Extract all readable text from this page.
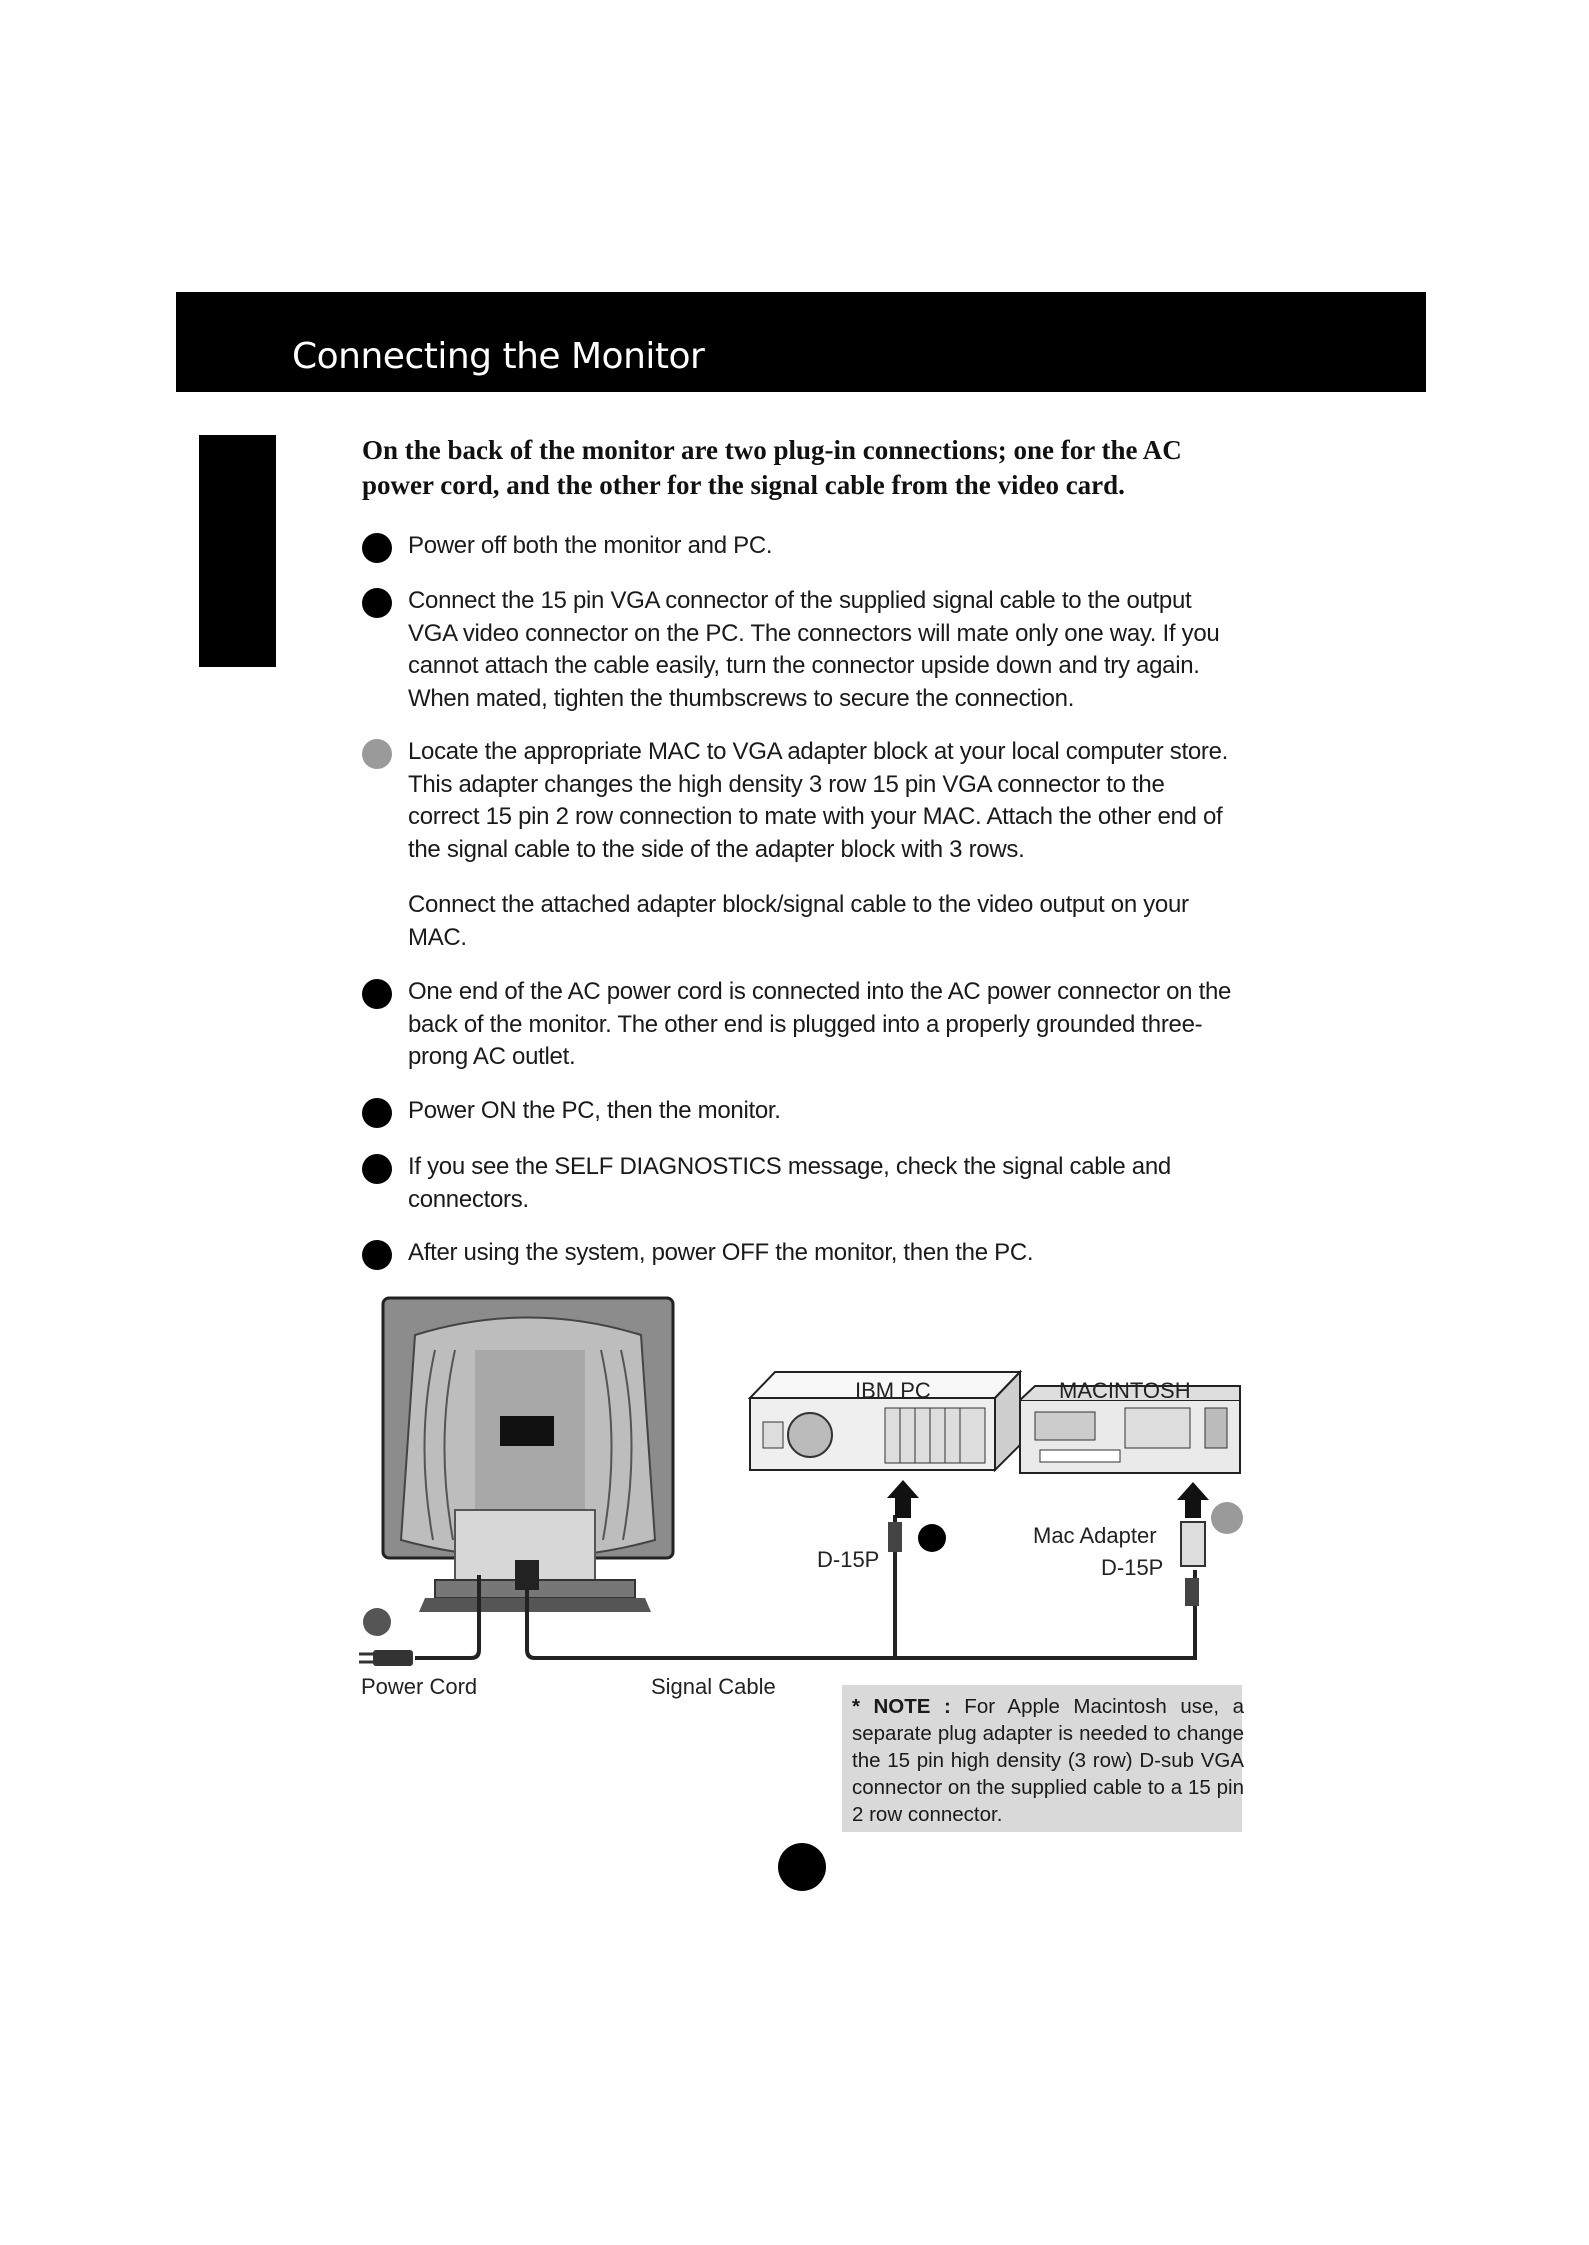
Connecting the Monitor

On the back of the monitor are two plug-in connections; one for the AC power cord, and the other for the signal cable from the video card.

Power off both the monitor and PC.

Connect the 15 pin VGA connector of the supplied signal cable to the output VGA video connector on the PC. The connectors will mate only one way. If you cannot attach the cable easily, turn the connector upside down and try again. When mated, tighten the thumbscrews to secure the connection.

Locate the appropriate MAC to VGA adapter block at your local computer store. This adapter changes the high density 3 row 15 pin VGA connector to the correct 15 pin 2 row connection to mate with your MAC. Attach the other end of the signal cable to the side of the adapter block with 3 rows.

Connect the attached adapter block/signal cable to the video output on your MAC.

One end of the AC power cord is connected into the AC power connector on the back of the monitor. The other end is plugged into a properly grounded three-prong AC outlet.

Power ON the PC, then the monitor.

If you see the SELF DIAGNOSTICS message, check the signal cable and connectors.

After using the system, power OFF the monitor, then the PC.

IBM PC	MACINTOSH
D-15P
Mac Adapter
D-15P
Power Cord	Signal Cable

* NOTE : For Apple Macintosh use, a separate plug adapter is needed to change the 15 pin high density (3 row) D-sub VGA connector on the supplied cable to a 15 pin 2 row connector.
